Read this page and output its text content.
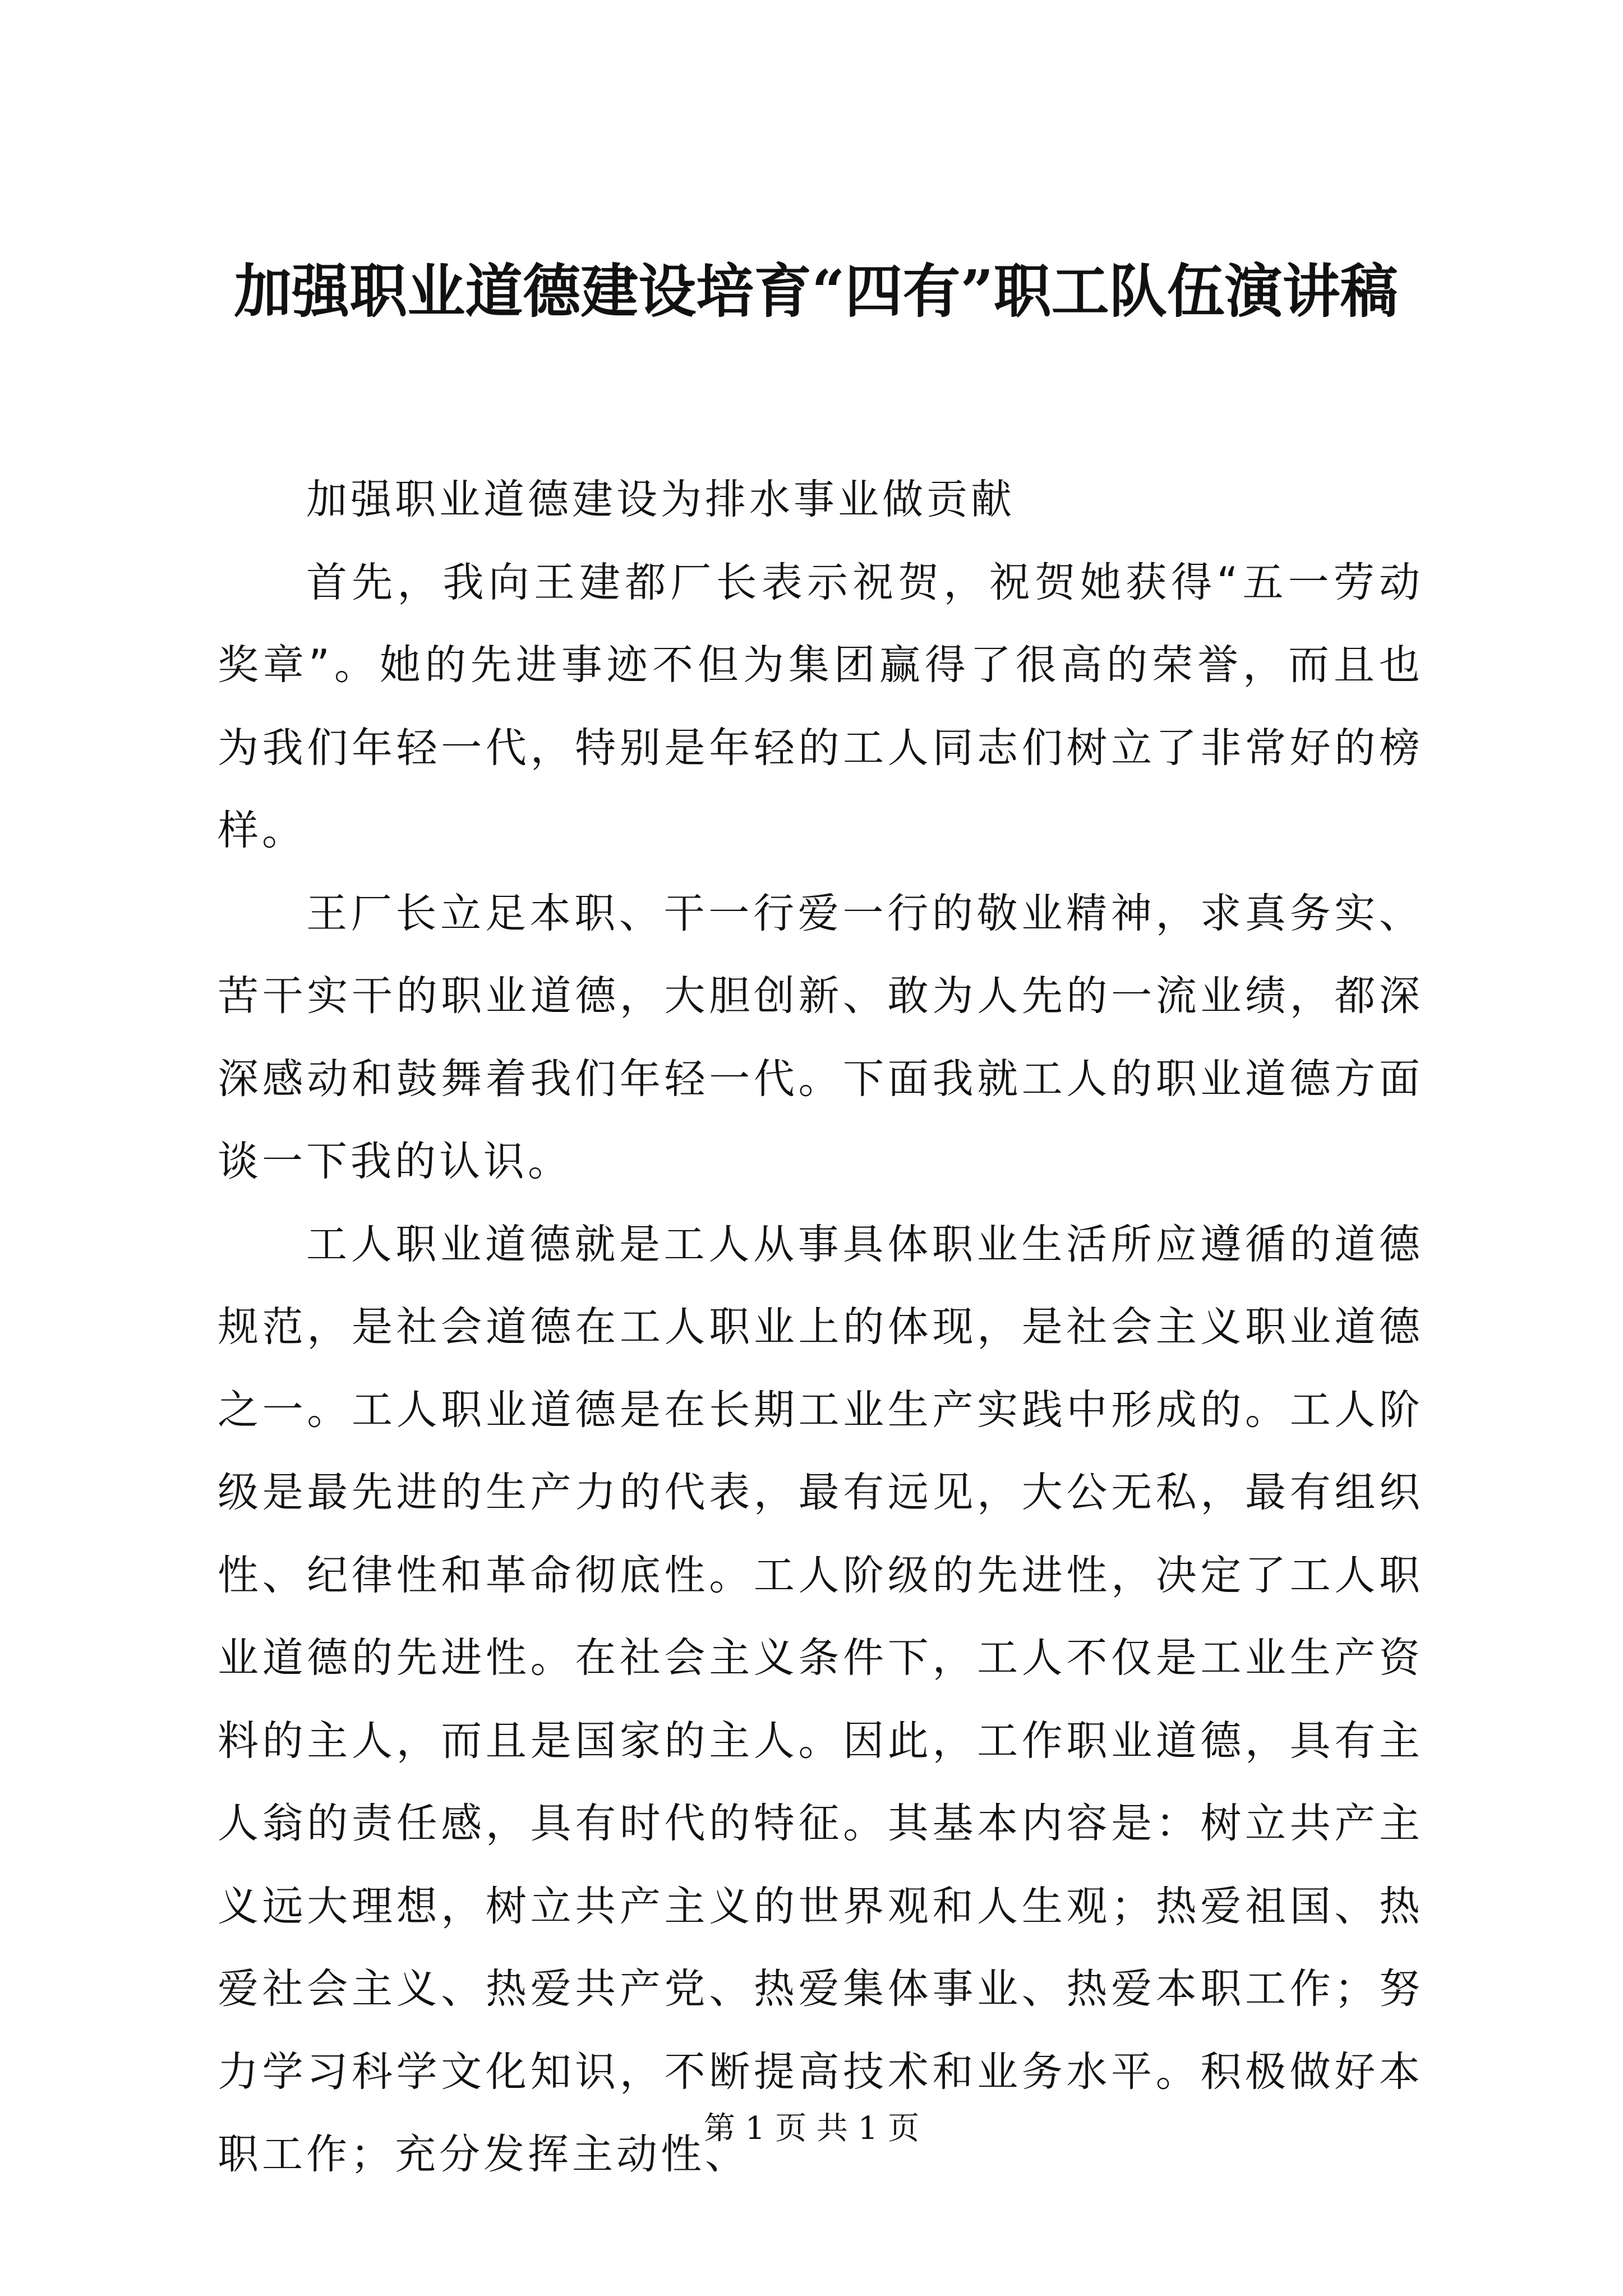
加强职业道德建设培育“四有”职工队伍演讲稿

加强职业道德建设为排水事业做贡献

首先，我向王建都厂长表示祝贺，祝贺她获得“五一劳动奖章”。她的先进事迹不但为集团赢得了很高的荣誉，而且也为我们年轻一代，特别是年轻的工人同志们树立了非常好的榜样。

王厂长立足本职、干一行爱一行的敬业精神，求真务实、苦干实干的职业道德，大胆创新、敢为人先的一流业绩，都深深感动和鼓舞着我们年轻一代。下面我就工人的职业道德方面谈一下我的认识。

工人职业道德就是工人从事具体职业生活所应遵循的道德规范，是社会道德在工人职业上的体现，是社会主义职业道德之一。工人职业道德是在长期工业生产实践中形成的。工人阶级是最先进的生产力的代表，最有远见，大公无私，最有组织性、纪律性和革命彻底性。工人阶级的先进性，决定了工人职业道德的先进性。在社会主义条件下，工人不仅是工业生产资料的主人，而且是国家的主人。因此，工作职业道德，具有主人翁的责任感，具有时代的特征。其基本内容是：树立共产主义远大理想，树立共产主义的世界观和人生观；热爱祖国、热爱社会主义、热爱共产党、热爱集体事业、热爱本职工作；努力学习科学文化知识，不断提高技术和业务水平。积极做好本职工作；充分发挥主动性、

第 1 页 共 1 页
